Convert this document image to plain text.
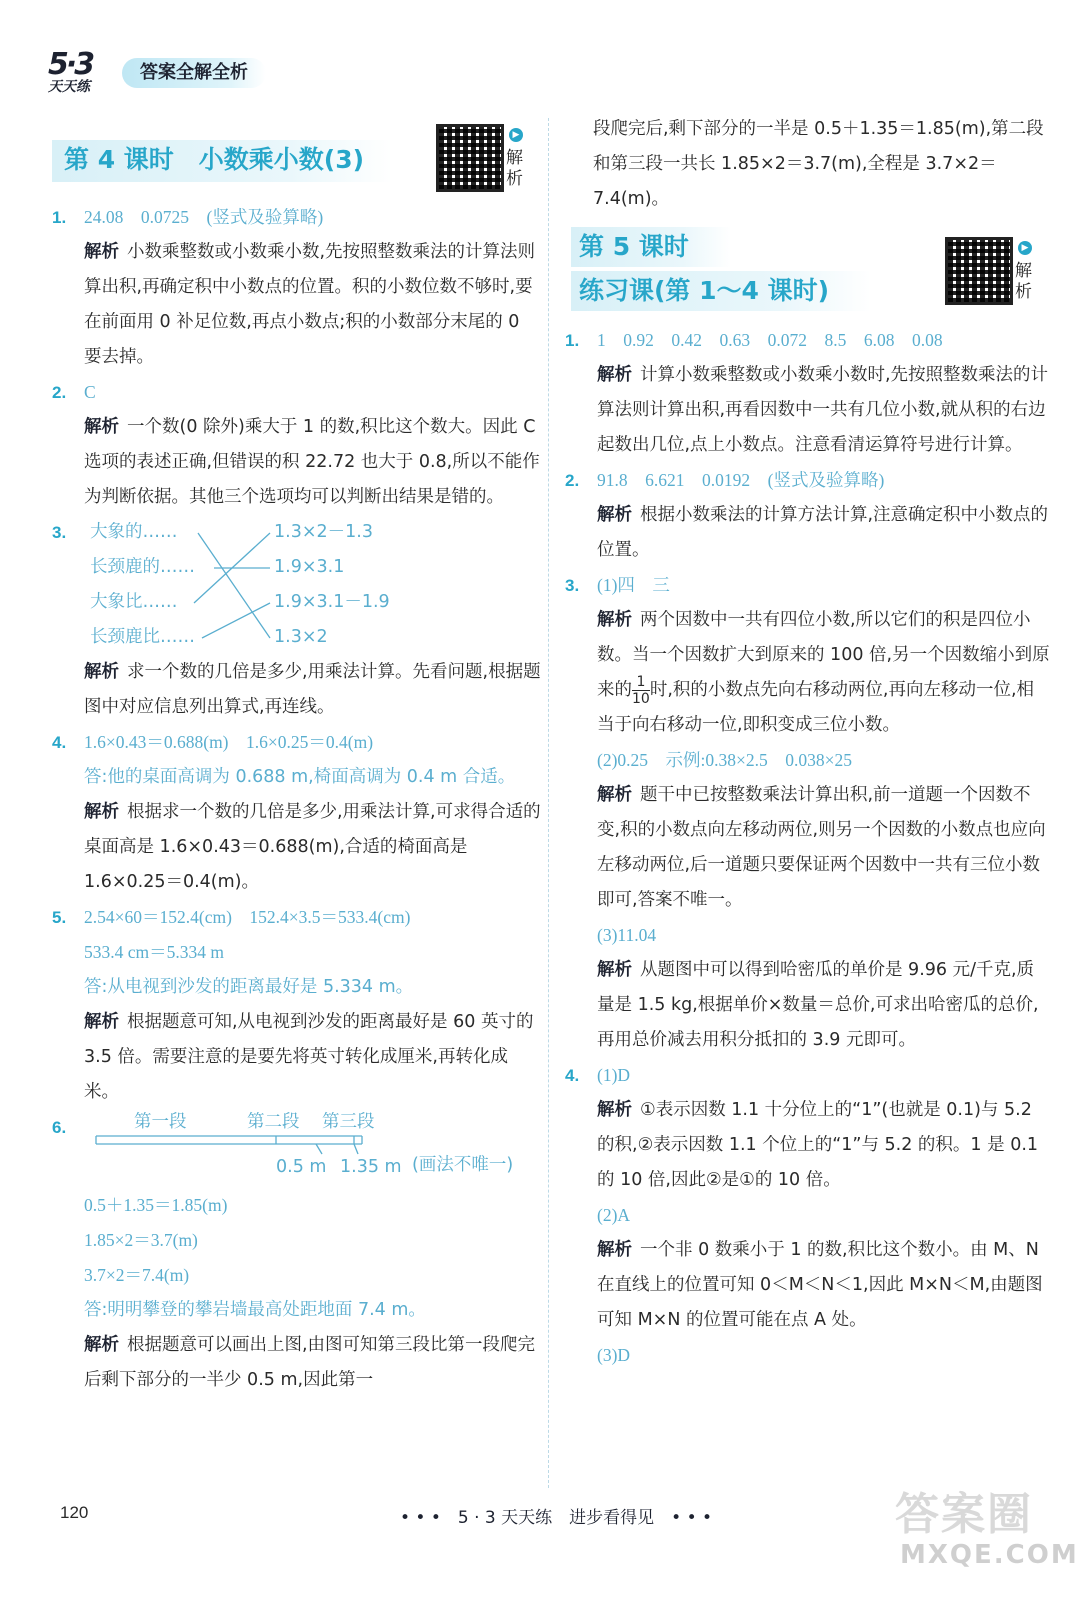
5·3
天天练
答案全解全析
第 4 课时　小数乘小数(3)
▶
解析
1.	24.08　0.0725　(竖式及验算略)
解析 小数乘整数或小数乘小数,先按照整数乘法的计算法则算出积,再确定积中小数点的位置。积的小数位数不够时,要在前面用 0 补足位数,再点小数点;积的小数部分末尾的 0 要去掉。
2.	C
解析 一个数(0 除外)乘大于 1 的数,积比这个数大。因此 C 选项的表述正确,但错误的积 22.72 也大于 0.8,所以不能作为判断依据。其他三个选项均可以判断出结果是错的。
3.	大象的……
长颈鹿的……
大象比……
长颈鹿比……
1.3×2－1.3
1.9×3.1
1.9×3.1－1.9
1.3×2
解析 求一个数的几倍是多少,用乘法计算。先看问题,根据题图中对应信息列出算式,再连线。
4.	1.6×0.43＝0.688(m)　1.6×0.25＝0.4(m)
答:他的桌面高调为 0.688 m,椅面高调为 0.4 m 合适。
解析 根据求一个数的几倍是多少,用乘法计算,可求得合适的桌面高是 1.6×0.43＝0.688(m),合适的椅面高是 1.6×0.25＝0.4(m)。
5.	2.54×60＝152.4(cm)　152.4×3.5＝533.4(cm)
533.4 cm＝5.334 m
答:从电视到沙发的距离最好是 5.334 m。
解析 根据题意可知,从电视到沙发的距离最好是 60 英寸的 3.5 倍。需要注意的是要先将英寸转化成厘米,再转化成米。
6.	第一段	第二段 第三段
0.5 m 1.35 m (画法不唯一)
0.5＋1.35＝1.85(m)
1.85×2＝3.7(m)
3.7×2＝7.4(m)
答:明明攀登的攀岩墙最高处距地面 7.4 m。
解析 根据题意可以画出上图,由图可知第三段比第一段爬完后剩下部分的一半少 0.5 m,因此第一
段爬完后,剩下部分的一半是 0.5＋1.35＝1.85(m),第二段和第三段一共长 1.85×2＝3.7(m),全程是 3.7×2＝7.4(m)。
第 5 课时
练习课(第 1～4 课时)
▶
解析
1.	1　0.92　0.42　0.63　0.072　8.5　6.08　0.08
解析 计算小数乘整数或小数乘小数时,先按照整数乘法的计算法则计算出积,再看因数中一共有几位小数,就从积的右边起数出几位,点上小数点。注意看清运算符号进行计算。
2.	91.8　6.621　0.0192　(竖式及验算略)
解析 根据小数乘法的计算方法计算,注意确定积中小数点的位置。
3.	(1)四　三
解析 两个因数中一共有四位小数,所以它们的积是四位小数。当一个因数扩大到原来的 100 倍,另一个因数缩小到原来的 $\frac{1}{10}$ 时,积的小数点先向右移动两位,再向左移动一位,相当于向右移动一位,即积变成三位小数。
(2)0.25　示例:0.38×2.5　0.038×25
解析 题干中已按整数乘法计算出积,前一道题一个因数不变,积的小数点向左移动两位,则另一个因数的小数点也应向左移动两位,后一道题只要保证两个因数中一共有三位小数即可,答案不唯一。
(3)11.04
解析 从题图中可以得到哈密瓜的单价是 9.96 元/千克,质量是 1.5 kg,根据单价×数量＝总价,可求出哈密瓜的总价,再用总价减去用积分抵扣的 3.9 元即可。
4.	(1)D
解析 ①表示因数 1.1 十分位上的“1”(也就是 0.1)与 5.2 的积,②表示因数 1.1 个位上的“1”与 5.2 的积。1 是 0.1 的 10 倍,因此②是①的 10 倍。
(2)A
解析 一个非 0 数乘小于 1 的数,积比这个数小。由 M、N 在直线上的位置可知 0＜M＜N＜1,因此 M×N＜M,由题图可知 M×N 的位置可能在点 A 处。
(3)D
120	• • •　5 · 3 天天练　进步看得见　• • •	答案圈
MXQE.COM
